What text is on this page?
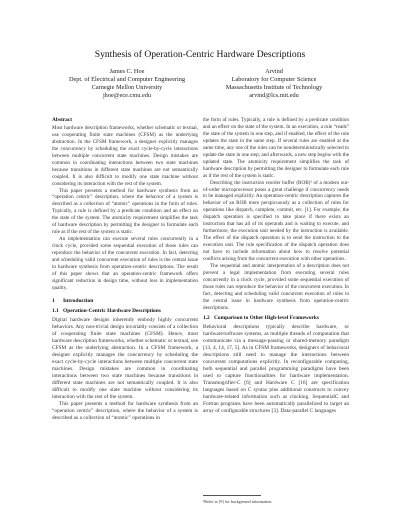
Synthesis of Operation-Centric Hardware Descriptions
James C. Hoe
Dept. of Electrical and Computer Engineering
Carnegie Mellon University
jhoe@ece.cmu.edu
Arvind
Laboratory for Computer Science
Massachusetts Institute of Technology
arvind@lcs.mit.edu
Abstract

Most hardware description frameworks, whether schematic or textual, use cooperating finite state machines (CFSM) as the underlying abstraction. In the CFSM framework, a designer explicitly manages the concurrency by scheduling the exact cycle-by-cycle interactions between multiple concurrent state machines. Design mistakes are common in coordinating interactions between two state machines because transitions in different state machines are not semantically coupled. It is also difficult to modify one state machine without considering its interaction with the rest of the system.

This paper presents a method for hardware synthesis from an “operation centric” description, where the behavior of a system is described as a collection of “atomic” operations in the form of rules. Typically, a rule is defined by a predicate condition and an effect on the state of the system. The atomicity requirement simplifies the task of hardware description by permitting the designer to formulate each rule as if the rest of the system is static.

An implementation can execute several rules concurrently in a clock cycle, provided some sequential execution of those rules can reproduce the behavior of the concurrent execution. In fact, detecting and scheduling valid concurrent execution of rules is the central issue in hardware synthesis from operation-centric descriptions. The result of this paper shows that an operation-centric framework offers significant reduction in design time, without loss in implementation quality.

1 Introduction
1.1 Operation-Centric Hardware Descriptions

Digital hardware designs inherently embody highly concurrent behaviors. Any non-trivial design invariably consists of a collection of cooperating finite state machines (CFSM). Hence, most hardware description frameworks, whether schematic or textual, use CFSM as the underlying abstraction. In a CFSM framework, a designer explicitly manages the concurrency by scheduling the exact cycle-by-cycle interactions between multiple concurrent state machines. Design mistakes are common in coordinating interactions between two state machines because transitions in different state machines are not semantically coupled. It is also difficult to modify one state machine without considering its interaction with the rest of the system.

This paper presents a method for hardware synthesis from an “operation centric” description, where the behavior of a system is described as a collection of “atomic” operations in

the form of rules. Typically, a rule is defined by a predicate condition and an effect on the state of the system. In an execution, a rule “reads” the state of the system in one step, and if enabled, the effect of the rule updates the state in the same step. If several rules are enabled at the same time, any one of the rules can be nondeterministically selected to update the state in one step; and afterwards, a new step begins with the updated state. The atomicity requirement simplifies the task of hardware description by permitting the designer to formulate each rule as if the rest of the system is static.

Describing the instruction reorder buffer (ROB)¹ of a modern out-of-order microprocessor poses a great challenge if concurrency needs to be managed explicitly. An operation-centric description captures the behavior of an ROB more perspicuously as a collection of rules for operations like dispatch, complete, commit, etc. [1]. For example, the dispatch operation is specified to take place if there exists an instruction that has all of its operands and is waiting to execute, and furthermore, the execution unit needed by the instruction is available. The effect of the dispatch operation is to send the instruction to the execution unit. The rule specification of the dispatch operation does not have to include information about how to resolve potential conflicts arising from the concurrent execution with other operations.

The sequential and atomic interpretation of a description does not prevent a legal implementation from executing several rules concurrently in a clock cycle, provided some sequential execution of those rules can reproduce the behavior of the concurrent execution. In fact, detecting and scheduling valid concurrent execution of rules in the central issue in hardware synthesis from operation-centric descriptions.

1.2 Comparison to Other High-level Frameworks

Behavioral descriptions typically describe hardware, or hardware/software systems, as multiple threads of computation that communicate via a message-passing or shared-memory paradigm [13, 4, 14, 17, 5]. As in CFSM frameworks, designers of behavioral descriptions still need to manage the interactions between concurrent computations explicitly. In reconfigurable computing, both sequential and parallel programming paradigms have been used to capture functionalities for hardware implementation. Transmogrifier-C [6] and Hardware C [16] are specification languages based on C syntax plus additional constructs to convey hardware-related information such as clocking. SequentialC and Fortran programs have been automatically parallelized to target an array of configurable structures [3]. Data-parallel C languages

¹Refer to [9] for background information.
